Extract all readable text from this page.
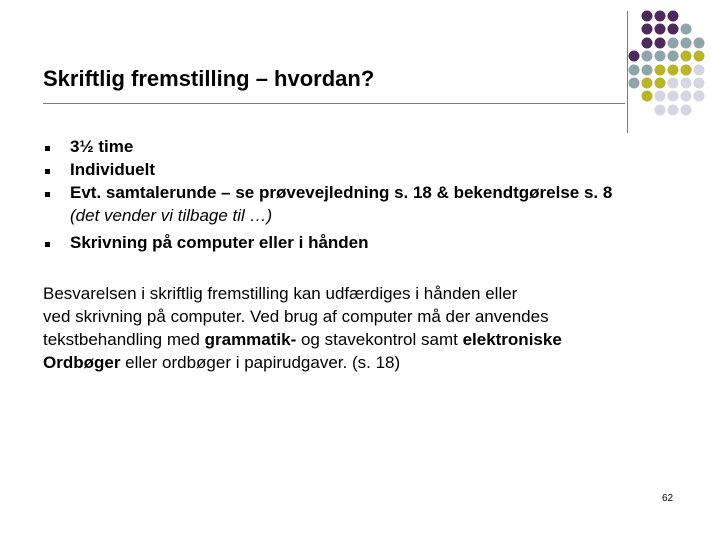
Skriftlig fremstilling – hvordan?
3½ time
Individuelt
Evt. samtalerunde – se prøvevejledning s. 18 & bekendtgørelse s. 8
(det vender vi tilbage til …)
Skrivning på computer eller i hånden
Besvarelsen i skriftlig fremstilling kan udfærdiges i hånden eller
ved skrivning på computer. Ved brug af computer må der anvendes
tekstbehandling med grammatik- og stavekontrol samt elektroniske
Ordbøger eller ordbøger i papirudgaver. (s. 18)
62
